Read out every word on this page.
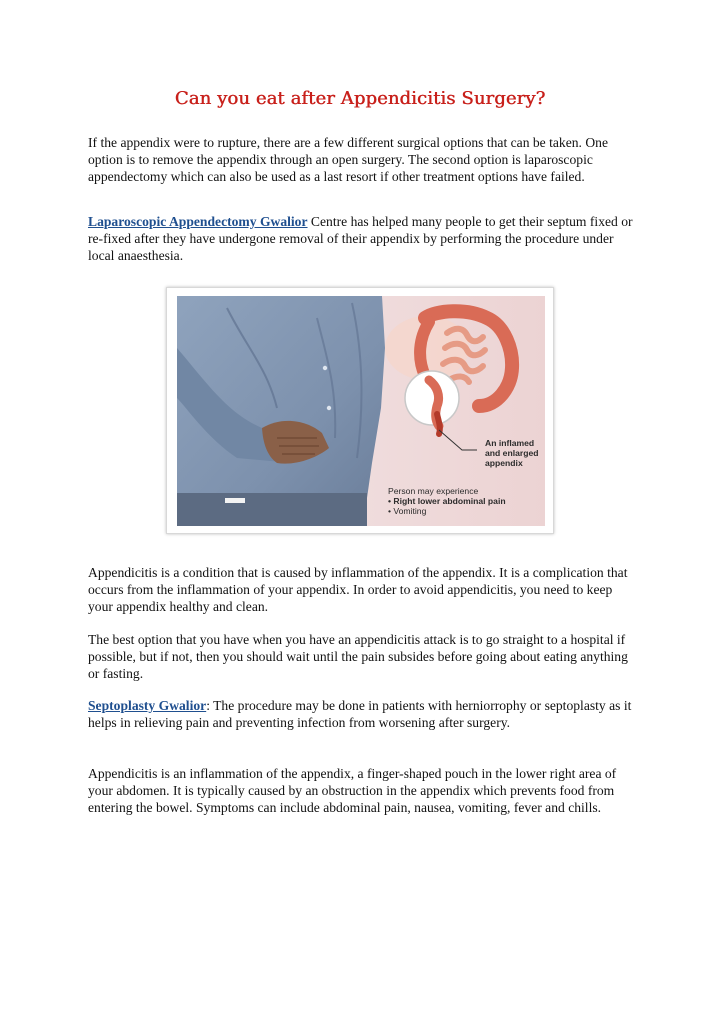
Can you eat after Appendicitis Surgery?

If the appendix were to rupture, there are a few different surgical options that can be taken. One option is to remove the appendix through an open surgery. The second option is laparoscopic appendectomy which can also be used as a last resort if other treatment options have failed.

Laparoscopic Appendectomy Gwalior Centre has helped many people to get their septum fixed or re-fixed after they have undergone removal of their appendix by performing the procedure under local anaesthesia.

An inflamed
and enlarged
appendix
Person may experience
• Right lower abdominal pain
• Vomiting

Appendicitis is a condition that is caused by inflammation of the appendix. It is a complication that occurs from the inflammation of your appendix. In order to avoid appendicitis, you need to keep your appendix healthy and clean.

The best option that you have when you have an appendicitis attack is to go straight to a hospital if possible, but if not, then you should wait until the pain subsides before going about eating anything or fasting.

Septoplasty Gwalior: The procedure may be done in patients with herniorrophy or septoplasty as it helps in relieving pain and preventing infection from worsening after surgery.

Appendicitis is an inflammation of the appendix, a finger-shaped pouch in the lower right area of your abdomen. It is typically caused by an obstruction in the appendix which prevents food from entering the bowel. Symptoms can include abdominal pain, nausea, vomiting, fever and chills.
